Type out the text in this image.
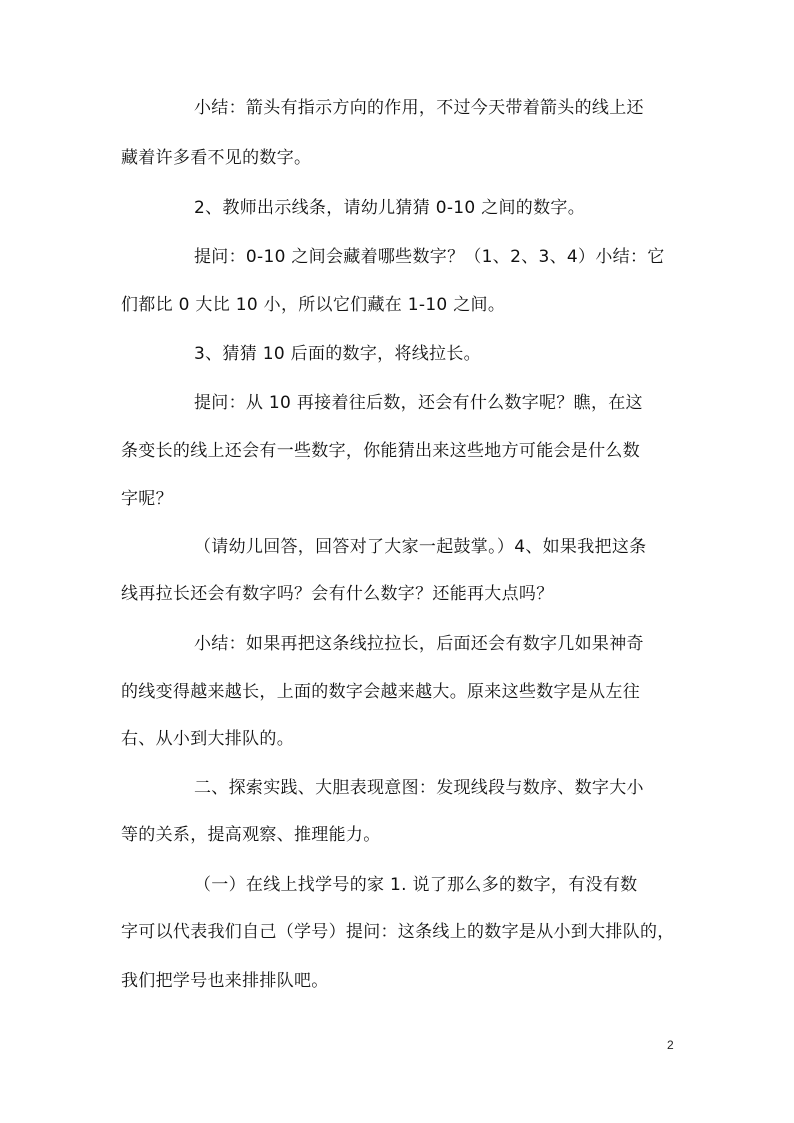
小结：箭头有指示方向的作用，不过今天带着箭头的线上还
藏着许多看不见的数字。
2、教师出示线条，请幼儿猜猜 0-10 之间的数字。
提问：0-10 之间会藏着哪些数字？（1、2、3、4）小结：它
们都比 0 大比 10 小，所以它们藏在 1-10 之间。
3、猜猜 10 后面的数字，将线拉长。
提问：从 10 再接着往后数，还会有什么数字呢？瞧，在这
条变长的线上还会有一些数字，你能猜出来这些地方可能会是什么数
字呢？
（请幼儿回答，回答对了大家一起鼓掌。）4、如果我把这条
线再拉长还会有数字吗？会有什么数字？还能再大点吗？
小结：如果再把这条线拉拉长，后面还会有数字几如果神奇
的线变得越来越长，上面的数字会越来越大。原来这些数字是从左往
右、从小到大排队的。
二、探索实践、大胆表现意图：发现线段与数序、数字大小
等的关系，提高观察、推理能力。
（一）在线上找学号的家 1. 说了那么多的数字，有没有数
字可以代表我们自己（学号）提问：这条线上的数字是从小到大排队的，
我们把学号也来排排队吧。
2
